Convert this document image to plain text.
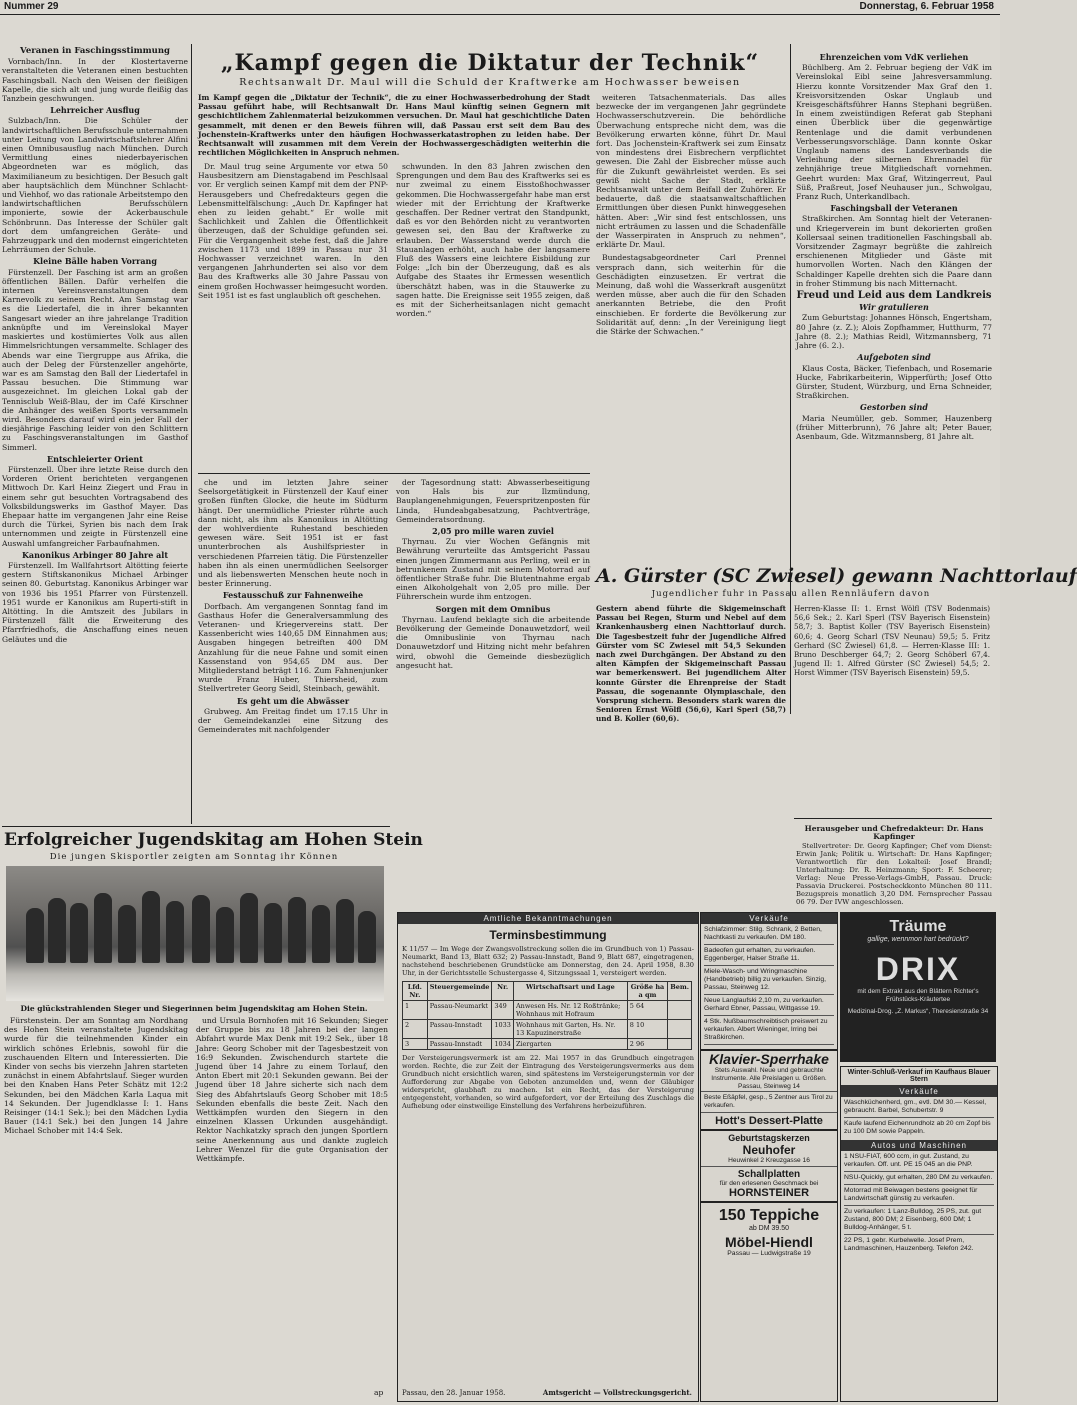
Nummer 29	Donnerstag, 6. Februar 1958
Veranen in Faschingsstimmung

Vornbach/Inn. In der Klostertaverne veranstalteten die Veteranen einen bestuchten Faschingsball. Nach den Weisen der fleißigen Kapelle, die sich alt und jung wurde fleißig das Tanzbein geschwungen.

Lehrreicher Ausflug

Sulzbach/Inn. Die Schüler der landwirtschaftlichen Berufsschule unternahmen unter Leitung von Landwirtschaftslehrer Alfini einen Omnibusausflug nach München. Durch Vermittlung eines niederbayerischen Abgeordneten war es möglich, das Maximilianeum zu besichtigen. Der Besuch galt aber hauptsächlich dem Münchner Schlacht- und Viehhof, wo das rationale Arbeitstempo den landwirtschaftlichen Berufsschülern imponierte, sowie der Ackerbauschule Schönbrunn. Das Interesse der Schüler galt dort dem umfangreichen Geräte- und Fahrzeugpark und den modernst eingerichteten Lehrräumen der Schule.

Kleine Bälle haben Vorrang

Fürstenzell. Der Fasching ist arm an großen öffentlichen Bällen. Dafür verhelfen die internen Vereinsveranstaltungen dem Karnevolk zu seinem Recht. Am Samstag war es die Liedertafel, die in ihrer bekannten Sangesart wieder an ihre jahrelange Tradition anknüpfte und im Vereinslokal Mayer maskiertes und kostümiertes Volk aus allen Himmelsrichtungen versammelte. Schlager des Abends war eine Tiergruppe aus Afrika, die auch der Deleg der Fürstenzeller angehörte, war es am Samstag den Ball der Liedertafel in Passau besuchen. Die Stimmung war ausgezeichnet. Im gleichen Lokal gab der Tennisclub Weiß-Blau, der im Café Kirschner die Anhänger des weißen Sports versammeln wird. Besonders darauf wird ein jeder Fall der diesjährige Fasching leider von den Schlittern zu Faschingsveranstaltungen im Gasthof Simmerl.

Entschleierter Orient

Fürstenzell. Über ihre letzte Reise durch den Vorderen Orient berichteten vergangenen Mittwoch Dr. Karl Heinz Ziegert und Frau in einem sehr gut besuchten Vortragsabend des Volksbildungswerks im Gasthof Mayer. Das Ehepaar hatte im vergangenen Jahr eine Reise durch die Türkei, Syrien bis nach dem Irak unternommen und zeigte in Fürstenzell eine Auswahl umfangreicher Farbaufnahmen.

Kanonikus Arbinger 80 Jahre alt

Fürstenzell. Im Wallfahrtsort Altötting feierte gestern Stiftskanonikus Michael Arbinger seinen 80. Geburtstag. Kanonikus Arbinger war von 1936 bis 1951 Pfarrer von Fürstenzell. 1951 wurde er Kanonikus am Ruperti-stift in Altötting. In die Amtszeit des Jubilars in Fürstenzell fällt die Erweiterung des Pfarrfriedhofs, die Anschaffung eines neuen Geläutes und die

„Kampf gegen die Diktatur der Technik“
Rechtsanwalt Dr. Maul will die Schuld der Kraftwerke am Hochwasser beweisen
Im Kampf gegen die „Diktatur der Technik“, die zu einer Hochwasserbedrohung der Stadt Passau geführt habe, will Rechtsanwalt Dr. Hans Maul künftig seinen Gegnern mit geschichtlichem Zahlenmaterial beizukommen versuchen. Dr. Maul hat geschichtliche Daten gesammelt, mit denen er den Beweis führen will, daß Passau erst seit dem Bau des Jochenstein-Kraftwerks unter den häufigen Hochwasserkatastrophen zu leiden habe. Der Rechtsanwalt will zusammen mit dem Verein der Hochwassergeschädigten weiterhin die rechtlichen Möglichkeiten in Anspruch nehmen.

Dr. Maul trug seine Argumente vor etwa 50 Hausbesitzern am Dienstagabend im Peschlsaal vor. Er verglich seinen Kampf mit dem der PNP-Herausgebers und Chefredakteurs gegen die Lebensmittelfälschung: „Auch Dr. Kapfinger hat ehen zu leiden gehabt.“ Er wolle mit Sachlichkeit und Zahlen die Öffentlichkeit überzeugen, daß der Schuldige gefunden sei. Für die Vergangenheit stehe fest, daß die Jahre zwischen 1173 und 1899 in Passau nur 31 Hochwasser verzeichnet waren. In den vergangenen Jahrhunderten sei also vor dem Bau des Kraftwerks alle 30 Jahre Passau von einem großen Hochwasser heimgesucht worden. Seit 1951 ist es fast unglaublich oft geschehen.

schwunden. In den 83 Jahren zwischen den Sprengungen und dem Bau des Kraftwerks sei es nur zweimal zu einem Eisstoßhochwasser gekommen. Die Hochwassergefahr habe man erst wieder mit der Errichtung der Kraftwerke geschaffen. Der Redner vertrat den Standpunkt, daß es vor den Behörden nicht zu verantworten gewesen sei, den Bau der Kraftwerke zu erlauben. Der Wasserstand werde durch die Stauanlagen erhöht, auch habe der langsamere Fluß des Wassers eine leichtere Eisbildung zur Folge: „Ich bin der Überzeugung, daß es als Aufgabe des Staates ihr Ermessen wesentlich überschätzt haben, was in die Stauwerke zu sagen hatte. Die Ereignisse seit 1955 zeigen, daß es mit der Sicherheitsanlagen nicht gemacht worden.“

weiteren Tatsachenmaterials. Das alles bezwecke der im vergangenen Jahr gegründete Hochwasserschutzverein. Die behördliche Überwachung entspreche nicht dem, was die Bevölkerung erwarten könne, führt Dr. Maul fort. Das Jochenstein-Kraftwerk sei zum Einsatz von mindestens drei Eisbrechern verpflichtet gewesen. Die Zahl der Eisbrecher müsse auch für die Zukunft gewährleistet werden. Es sei gewiß nicht Sache der Stadt, erklärte Rechtsanwalt unter dem Beifall der Zuhörer. Er bedauerte, daß die staatsanwaltschaftlichen Ermittlungen über diesen Punkt hinweggesehen hätten. Aber: „Wir sind fest entschlossen, uns nicht erträumen zu lassen und die Schadenfälle der Wasserpiraten in Anspruch zu nehmen“, erklärte Dr. Maul.

Bundestagsabgeordneter Carl Prennel versprach dann, sich weiterhin für die Geschädigten einzusetzen. Er vertrat die Meinung, daß wohl die Wasserkraft ausgenützt werden müsse, aber auch die für den Schaden anerkannten Betriebe, die den Profit einschieben. Er forderte die Bevölkerung zur Solidarität auf, denn: „In der Vereinigung liegt die Stärke der Schwachen.“

che und im letzten Jahre seiner Seelsorgetätigkeit in Fürstenzell der Kauf einer großen fünften Glocke, die heute im Südturm hängt. Der unermüdliche Priester rührte auch dann nicht, als ihm als Kanonikus in Altötting der wohlverdiente Ruhestand beschieden gewesen wäre. Seit 1951 ist er fast ununterbrochen als Aushilfspriester in verschiedenen Pfarreien tätig. Die Fürstenzeller haben ihn als einen unermüdlichen Seelsorger und als liebenswerten Menschen heute noch in bester Erinnerung.

Festausschuß zur Fahnenweihe

Dorfbach. Am vergangenen Sonntag fand im Gasthaus Hofer die Generalversammlung des Veteranen- und Kriegervereins statt. Der Kassenbericht wies 140,65 DM Einnahmen aus; Ausgaben hingegen betreiften 400 DM Anzahlung für die neue Fahne und somit einen Kassenstand von 954,65 DM aus. Der Mitgliederstand beträgt 116. Zum Fahnenjunker wurde Franz Huber, Thiersheid, zum Stellvertreter Georg Seidl, Steinbach, gewählt.

Es geht um die Abwässer

Grubweg. Am Freitag findet um 17.15 Uhr in der Gemeindekanzlei eine Sitzung des Gemeinderates mit nachfolgender

der Tagesordnung statt: Abwasserbeseitigung von Hals bis zur Ilzmündung, Bauplangenehmigungen, Feuerspritzenposten für Linda, Hundeabgabesatzung, Pachtverträge, Gemeinderatsordnung.

2,05 pro mille waren zuviel

Thyrnau. Zu vier Wochen Gefängnis mit Bewährung verurteilte das Amtsgericht Passau einen jungen Zimmermann aus Perling, weil er in betrunkenem Zustand mit seinem Motorrad auf öffentlicher Straße fuhr. Die Blutentnahme ergab einen Alkoholgehalt von 2,05 pro mille. Der Führerschein wurde ihm entzogen.

Sorgen mit dem Omnibus

Thyrnau. Laufend beklagte sich die arbeitende Bevölkerung der Gemeinde Donauwetzdorf, weil die Omnibuslinie von Thyrnau nach Donauwetzdorf und Hitzing nicht mehr befahren wird, obwohl die Gemeinde diesbezüglich angesucht hat.

A. Gürster (SC Zwiesel) gewann Nachttorlauf
Jugendlicher fuhr in Passau allen Rennläufern davon
Gestern abend führte die Skigemeinschaft Passau bei Regen, Sturm und Nebel auf dem Krankenhausberg einen Nachttorlauf durch. Die Tagesbestzeit fuhr der Jugendliche Alfred Gürster vom SC Zwiesel mit 54,5 Sekunden nach zwei Durchgängen. Der Abstand zu den alten Kämpfen der Skigemeinschaft Passau war bemerkenswert. Bei jugendlichem Alter konnte Gürster die Ehrenpreise der Stadt Passau, die sogenannte Olympiaschale, den Vorsprung sichern. Besonders stark waren die Senioren Ernst Wölfl (56,6), Karl Sperl (58,7) und B. Koller (60,6).
Herren-Klasse II: 1. Ernst Wölfl (TSV Bodenmais) 56,6 Sek.; 2. Karl Sperl (TSV Bayerisch Eisenstein) 58,7; 3. Baptist Koller (TSV Bayerisch Eisenstein) 60,6; 4. Georg Scharl (TSV Neunau) 59,5; 5. Fritz Gerhard (SC Zwiesel) 61,8. — Herren-Klasse III: 1. Bruno Deschberger 64,7; 2. Georg Schöberl 67,4. Jugend II: 1. Alfred Gürster (SC Zwiesel) 54,5; 2. Horst Wimmer (TSV Bayerisch Eisenstein) 59,5.
Ehrenzeichen vom VdK verliehen

Büchlberg. Am 2. Februar begieng der VdK im Vereinslokal Eibl seine Jahresversammlung. Hierzu konnte Vorsitzender Max Graf den 1. Kreisvorsitzenden Oskar Unglaub und Kreisgeschäftsführer Hanns Stephani begrüßen. In einem zweistündigen Referat gab Stephani einen Überblick über die gegenwärtige Rentenlage und die damit verbundenen Verbesserungsvorschläge. Dann konnte Oskar Unglaub namens des Landesverbands die Verleihung der silbernen Ehrennadel für zehnjährige treue Mitgliedschaft vornehmen. Geehrt wurden: Max Graf, Witzingerreut, Paul Süß, Praßreut, Josef Neuhauser jun., Schwolgau, Franz Ruch, Unterkandlbach.

Faschingsball der Veteranen

Straßkirchen. Am Sonntag hielt der Veteranen- und Kriegerverein im bunt dekorierten großen Kollersaal seinen traditionellen Faschingsball ab. Vorsitzender Zagmayr begrüßte die zahlreich erschienenen Mitglieder und Gäste mit humorvollen Worten. Nach den Klängen der Schaldinger Kapelle drehten sich die Paare dann in froher Stimmung bis nach Mitternacht.

Freud und Leid aus dem Landkreis
Wir gratulieren

Zum Geburtstag: Johannes Hönsch, Engertsham, 80 Jahre (z. Z.); Alois Zopfhammer, Hutthurm, 77 Jahre (8. 2.); Mathias Reidl, Witzmannsberg, 71 Jahre (6. 2.).

Aufgeboten sind

Klaus Costa, Bäcker, Tiefenbach, und Rosemarie Hucke, Fabrikarbeiterin, Wipperfürth; Josef Otto Gürster, Student, Würzburg, und Erna Schneider, Straßkirchen.

Gestorben sind

Maria Neumüller, geb. Sommer, Hauzenberg (früher Mitterbrunn), 76 Jahre alt; Peter Bauer, Asenbaum, Gde. Witzmannsberg, 81 Jahre alt.

Herausgeber und Chefredakteur: Dr. Hans Kapfinger

Stellvertreter: Dr. Georg Kapfinger; Chef vom Dienst: Erwin Jank; Politik u. Wirtschaft: Dr. Hans Kapfinger; Verantwortlich für den Lokalteil: Josef Brandl; Unterhaltung: Dr. R. Heinzmann; Sport: F. Scheerer; Verlag: Neue Presse-Verlags-GmbH, Passau. Druck: Passavia Druckerei. Postscheckkonto München 80 111. Bezugspreis monatlich 3,20 DM. Fernsprecher Passau 06 79. Der IVW angeschlossen.

Erfolgreicher Jugendskitag am Hohen Stein
Die jungen Skisportler zeigten am Sonntag ihr Können
Die glückstrahlenden Sieger und Siegerinnen beim Jugendskitag am Hohen Stein.

Fürstenstein. Der am Sonntag am Nordhang des Hohen Stein veranstaltete Jugendskitag wurde für die teilnehmenden Kinder ein wirklich schönes Erlebnis, sowohl für die zuschauenden Eltern und Interessierten. Die Kinder von sechs bis vierzehn Jahren starteten zunächst in einem Abfahrtslauf. Sieger wurden bei den Knaben Hans Peter Schätz mit 12:2 Sekunden, bei den Mädchen Karla Laqua mit 14 Sekunden. Der Jugendklasse I: 1. Hans Reisinger (14:1 Sek.); bei den Mädchen Lydia Bauer (14:1 Sek.) bei den Jungen 14 Jahre Michael Schober mit 14:4 Sek.

und Ursula Bornhofen mit 16 Sekunden; Sieger der Gruppe bis zu 18 Jahren bei der langen Abfahrt wurde Max Denk mit 19:2 Sek., über 18 Jahre: Georg Schober mit der Tagesbestzeit von 16:9 Sekunden. Zwischendurch startete die Jugend über 14 Jahre zu einem Torlauf, den Anton Ebert mit 20:1 Sekunden gewann. Bei der Jugend über 18 Jahre sicherte sich nach dem Sieg des Abfahrtslaufs Georg Schober mit 18:5 Sekunden ebenfalls die beste Zeit. Nach den Wettkämpfen wurden den Siegern in den einzelnen Klassen Urkunden ausgehändigt. Rektor Nachkatzky sprach den jungen Sportlern seine Anerkennung aus und dankte zugleich Lehrer Wenzel für die gute Organisation der Wettkämpfe.

ap
Amtliche Bekanntmachungen
Terminsbestimmung
K 11/57 — Im Wege der Zwangsvollstreckung sollen die im Grundbuch von 1) Passau-Neumarkt, Band 13, Blatt 632; 2) Passau-Innstadt, Band 9, Blatt 687, eingetragenen, nachstehend beschriebenen Grundstücke am Donnerstag, den 24. April 1958, 8.30 Uhr, in der Gerichtsstelle Schustergasse 4, Sitzungssaal 1, versteigert werden.
Lfd. Nr.	Steuergemeinde	Nr.	Wirtschaftsart und Lage	Größe ha a qm	Bem.
1	Passau-Neumarkt	349	Anwesen Hs. Nr. 12 Roßtränke; Wohnhaus mit Hofraum	5 64	
2	Passau-Innstadt	1033	Wohnhaus mit Garten, Hs. Nr. 13 Kapuzinerstraße	8 10	
3	Passau-Innstadt	1034	Ziergarten	2 96	
Der Versteigerungsvermerk ist am 22. Mai 1957 in das Grundbuch eingetragen worden. Rechte, die zur Zeit der Eintragung des Versteigerungsvermerks aus dem Grundbuch nicht ersichtlich waren, sind spätestens im Versteigerungstermin vor der Aufforderung zur Abgabe von Geboten anzumelden und, wenn der Gläubiger widerspricht, glaubhaft zu machen. Ist ein Recht, das der Versteigerung entgegensteht, vorhanden, so wird aufgefordert, vor der Erteilung des Zuschlags die Aufhebung oder einstweilige Einstellung des Verfahrens herbeizuführen.
Passau, den 28. Januar 1958.	Amtsgericht — Vollstreckungsgericht.
Verkäufe
Schlafzimmer: Stilg. Schrank, 2 Betten, Nachtkasti zu verkaufen. DM 180.
Badeofen gut erhalten, zu verkaufen. Eggenberger, Halser Straße 11.
Miele-Wasch- und Wringmaschine (Handbetrieb) billig zu verkaufen. Sinzig, Passau, Steinweg 12.
Neue Langlaufski 2,10 m, zu verkaufen. Gerhard Ebner, Passau, Wittgasse 19.
4 Stk. Nußbaumschreibtisch preiswert zu verkaufen. Albert Wieninger, Irring bei Straßkirchen.
Klavier-Sperrhake
Stets Auswahl. Neue und gebrauchte Instrumente. Alle Preislagen u. Größen. Passau, Steinweg 14
Beste Eßäpfel, gesp., 5 Zentner aus Tirol zu verkaufen.
Hott's Dessert-Platte
Geburtstagskerzen
Neuhofer
Heuwinkel 2 Kreuzgasse 16
Schallplatten
für den erlesenen Geschmack bei
HORNSTEINER
150 Teppiche
ab DM 39.50
Möbel-Hiendl
Passau — Ludwigstraße 19
Träume
gallige, wennmon hart bedrückt?
DRIX
mit dem Extrakt aus den Blättern Richter's Frühstücks-Kräutertee
Medizinal-Drog. „Z. Markus“, Theresienstraße 34
Winter-Schluß-Verkauf im Kaufhaus Blauer Stern
Verkäufe
Waschküchenherd, gm., evtl. DM 30.— Kessel, gebraucht. Barbel, Schubertstr. 9
Kaufe laufend Eichenrundholz ab 20 cm Zopf bis zu 100 DM sowie Pappeln.
Autos und Maschinen
1 NSU-FIAT, 600 ccm, in gut. Zustand, zu verkaufen. Off. unt. PE 15 045 an die PNP.
NSU-Quickly, gut erhalten, 280 DM zu verkaufen.
Motorrad mit Beiwagen bestens geeignet für Landwirtschaft günstig zu verkaufen.
Zu verkaufen: 1 Lanz-Bulldog, 25 PS, zut. gut Zustand, 800 DM; 2 Eisenberg, 600 DM; 1 Bulldog-Anhänger, 5 t.
22 PS, 1 gebr. Kurbelwelle. Josef Prem, Landmaschinen, Hauzenberg. Telefon 242.
